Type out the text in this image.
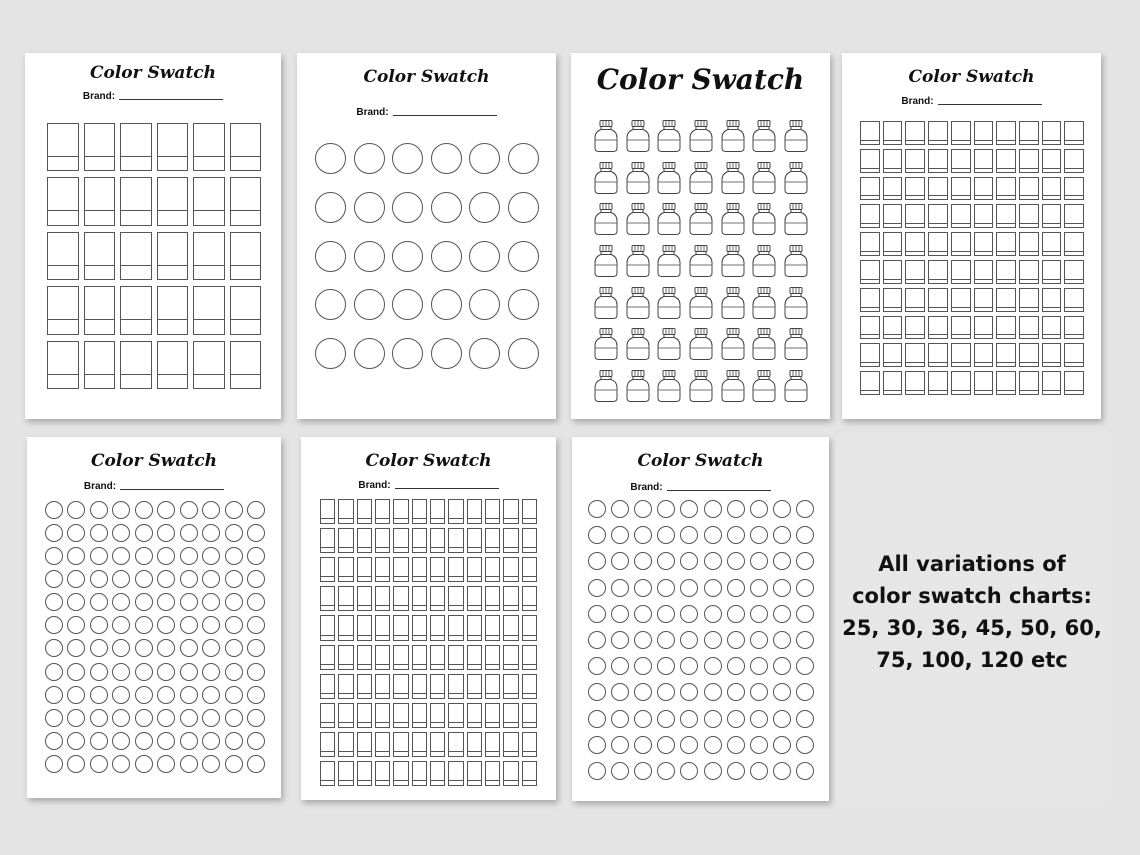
Color Swatch
Brand:
Color Swatch
Brand:
Color Swatch	Color Swatch
Brand:
Color Swatch
Brand:
Color Swatch
Brand:
Color Swatch
Brand:
All variations of
color swatch charts:
25, 30, 36, 45, 50, 60,
75, 100, 120 etc
